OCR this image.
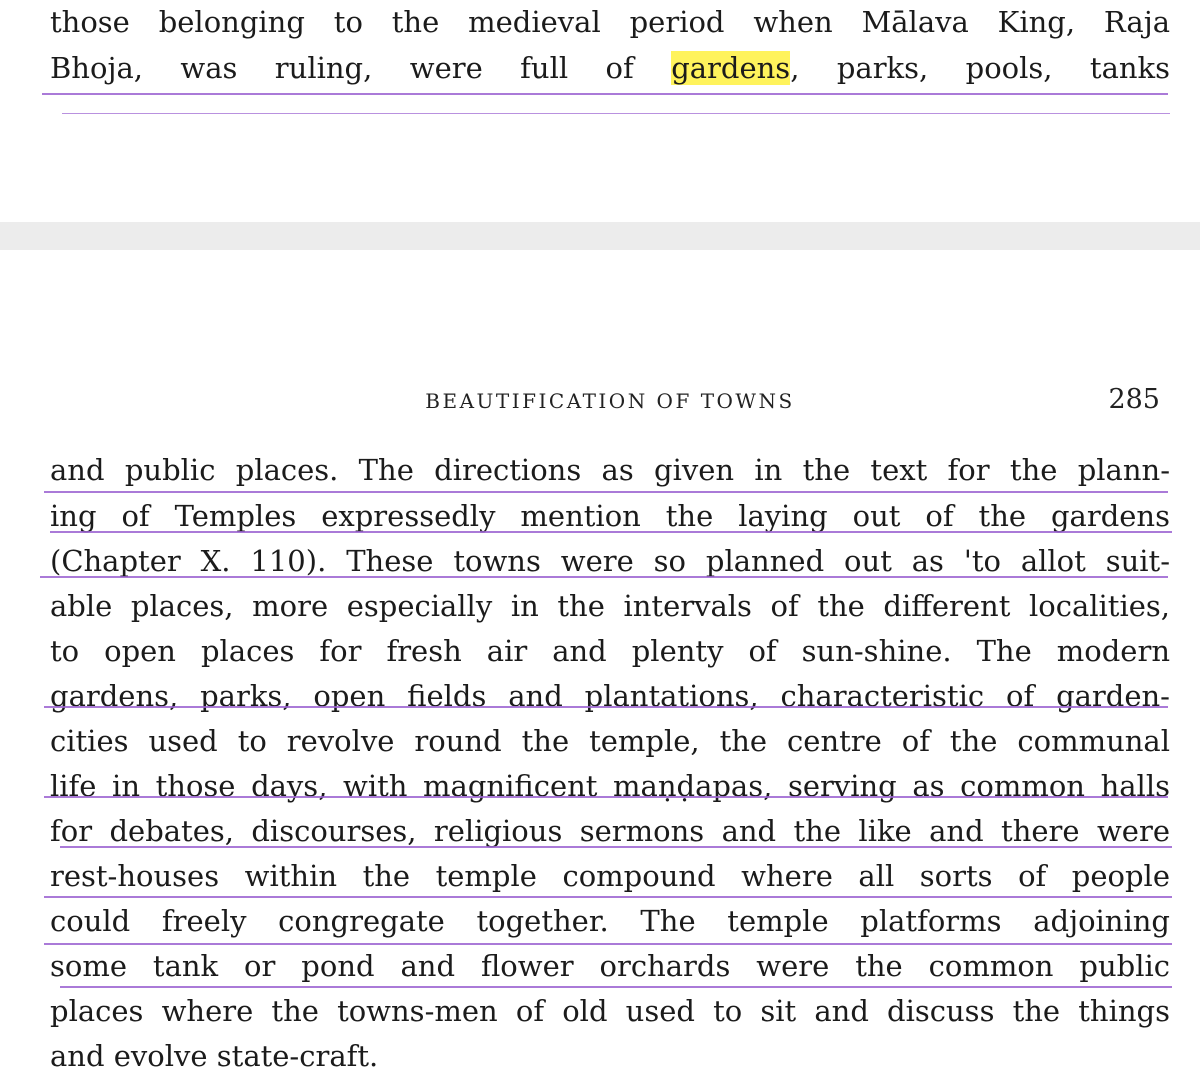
those belonging to the medieval period when Mālava King, Raja
Bhoja, was ruling, were full of gardens, parks, pools, tanks
BEAUTIFICATION OF TOWNS	285
and public places. The directions as given in the text for the plann-
ing of Temples expressedly mention the laying out of the gardens
(Chapter X. 110). These towns were so planned out as 'to allot suit-
able places, more especially in the intervals of the different localities,
to open places for fresh air and plenty of sun-shine. The modern
gardens, parks, open fields and plantations, characteristic of garden-
cities used to revolve round the temple, the centre of the communal
life in those days, with magnificent maṇḍapas, serving as common halls
for debates, discourses, religious sermons and the like and there were
rest-houses within the temple compound where all sorts of people
could freely congregate together. The temple platforms adjoining
some tank or pond and flower orchards were the common public
places where the towns-men of old used to sit and discuss the things
and evolve state-craft.
